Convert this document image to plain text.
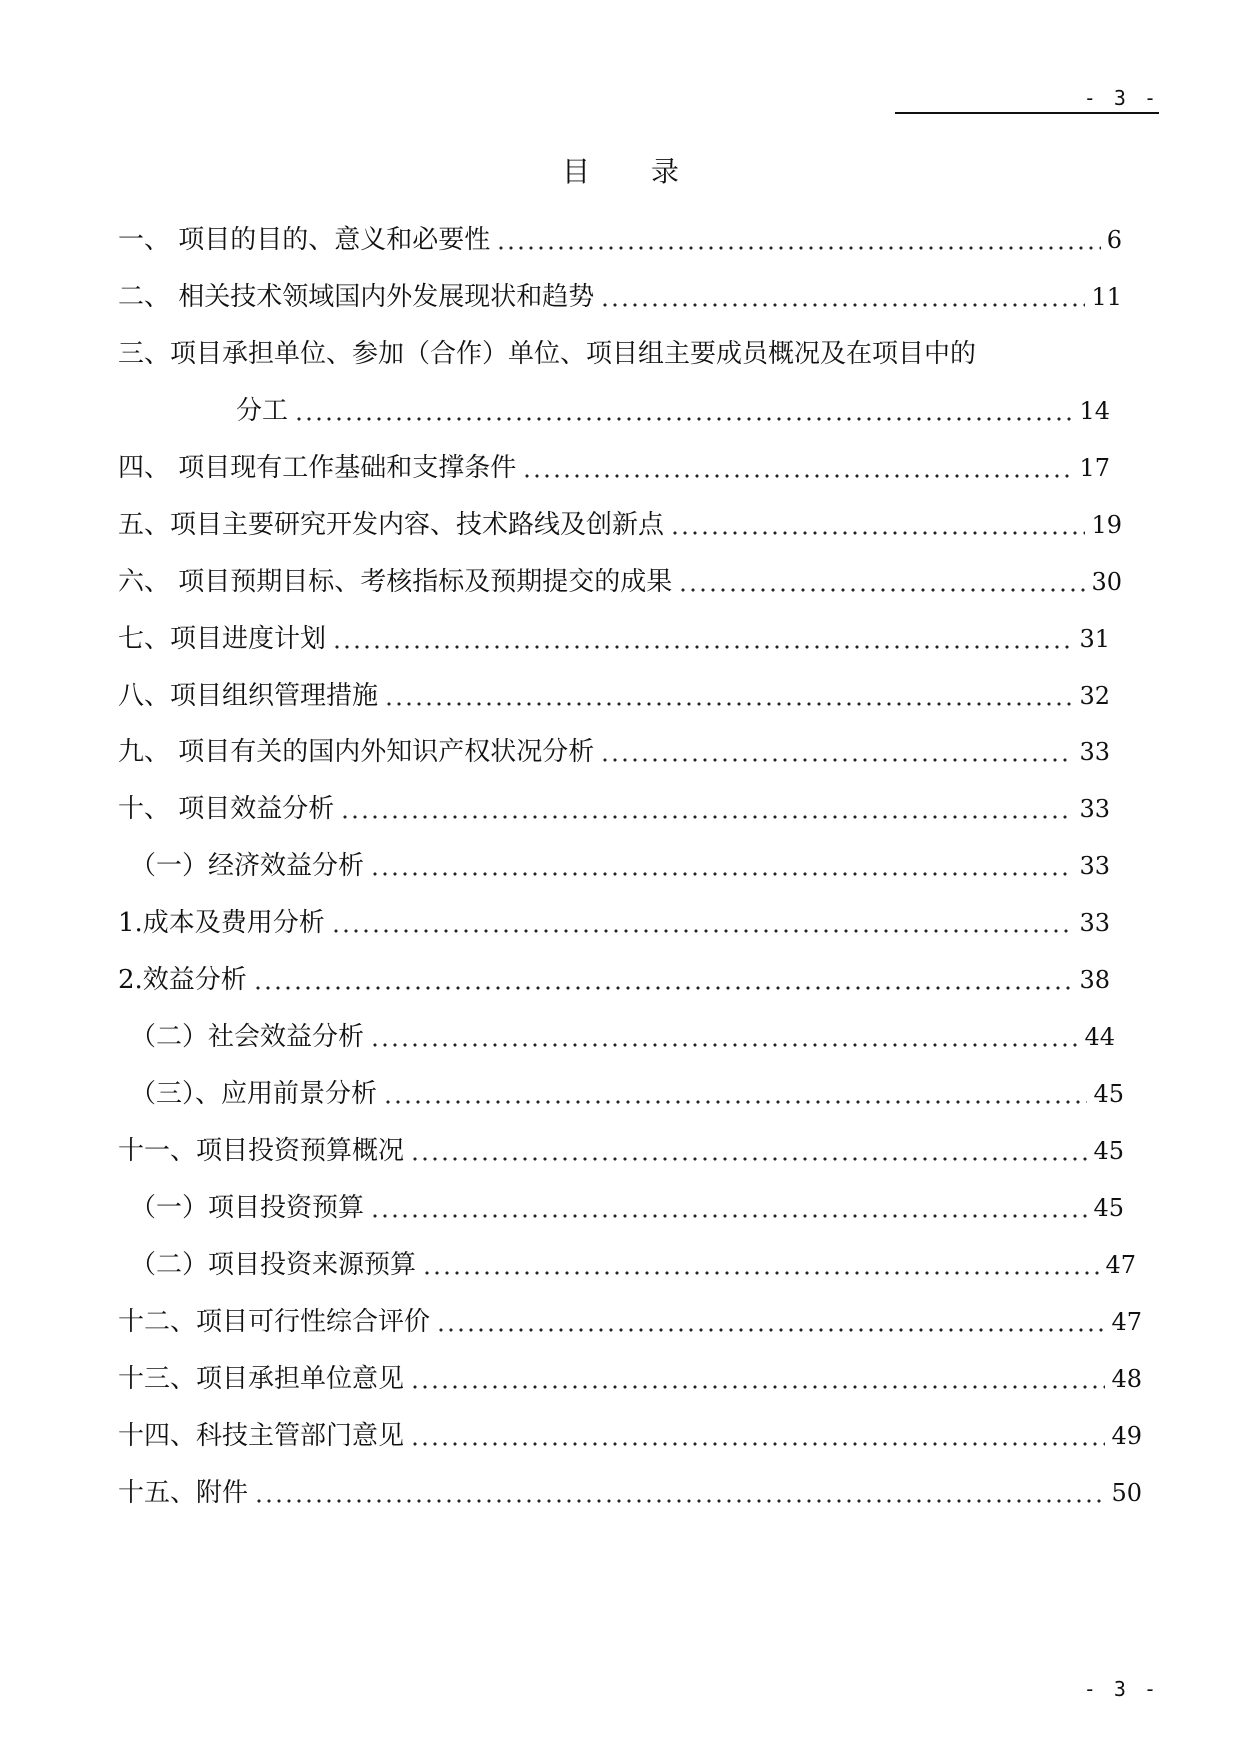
- 3 -
目 录
一、 项目的目的、意义和必要性	6
二、 相关技术领域国内外发展现状和趋势	11
三、项目承担单位、参加（合作）单位、项目组主要成员概况及在项目中的
分工	14
四、 项目现有工作基础和支撑条件	17
五、项目主要研究开发内容、技术路线及创新点	19
六、 项目预期目标、考核指标及预期提交的成果	30
七、项目进度计划	31
八、项目组织管理措施	32
九、 项目有关的国内外知识产权状况分析	33
十、 项目效益分析	33
（一）经济效益分析	33
1.成本及费用分析	33
2.效益分析	38
（二）社会效益分析	44
（三）、应用前景分析	45
十一、项目投资预算概况	45
（一）项目投资预算	45
（二）项目投资来源预算	47
十二、项目可行性综合评价	47
十三、项目承担单位意见	48
十四、科技主管部门意见	49
十五、附件	50
- 3 -
